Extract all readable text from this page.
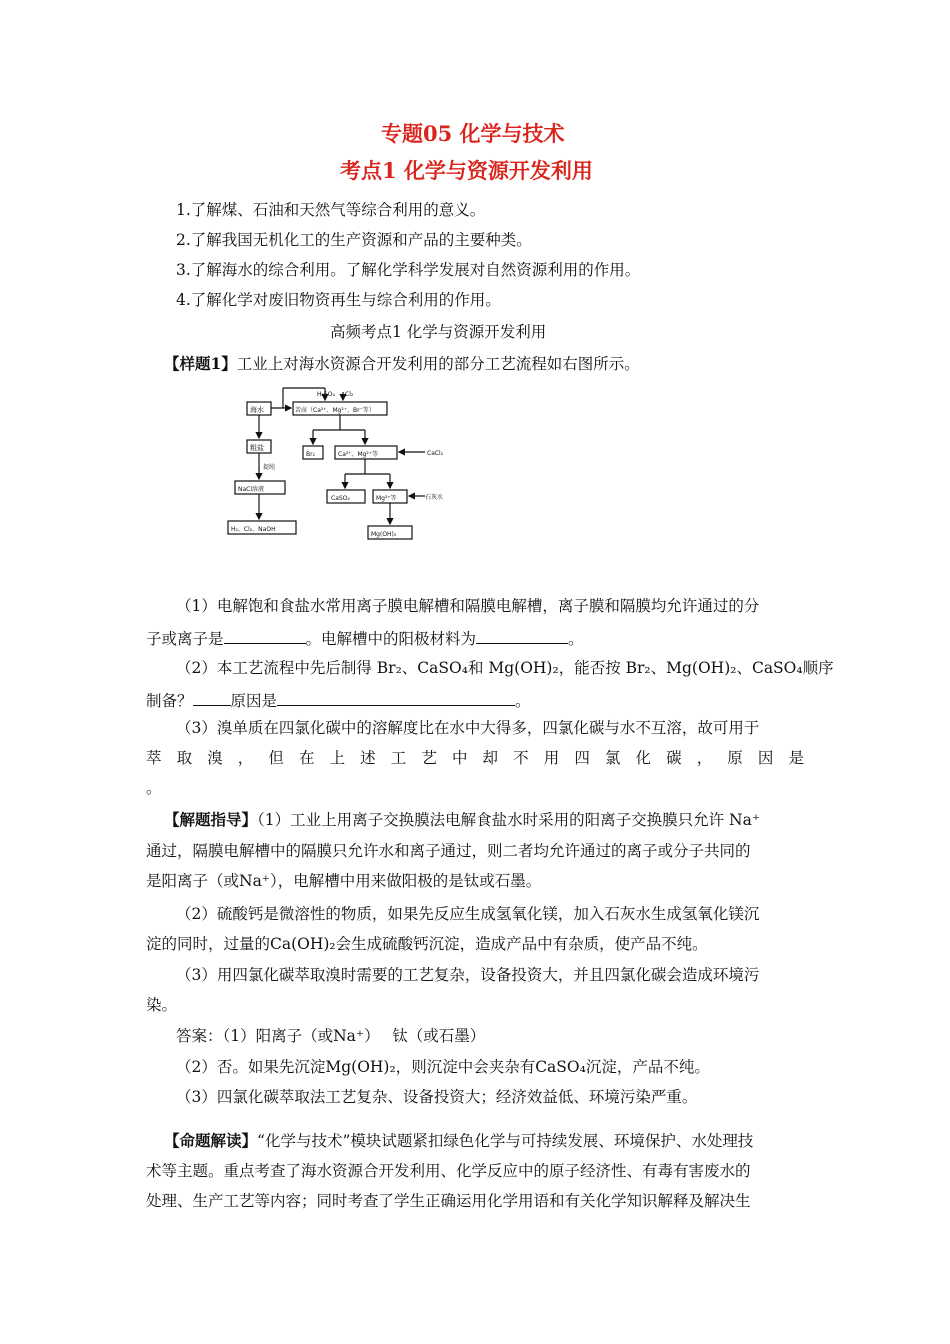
专题05 化学与技术
考点1 化学与资源开发利用
1.了解煤、石油和天然气等综合利用的意义。
2.了解我国无机化工的生产资源和产品的主要种类。
3.了解海水的综合利用。了解化学科学发展对自然资源利用的作用。
4.了解化学对废旧物资再生与综合利用的作用。
高频考点1 化学与资源开发利用
【样题1】工业上对海水资源合开发利用的部分工艺流程如右图所示。
海水	苦卤（Ca²⁺、Mg²⁺、Br⁻等）
H₂SO₄ Cl₂
粗盐
提纯
NaCl溶液
H₂、Cl₂、NaOH
Br₂	Ca²⁺、Mg²⁺等	CaCl₂
CaSO₄	Mg²⁺等	石灰水
Mg(OH)₂
（1）电解饱和食盐水常用离子膜电解槽和隔膜电解槽，离子膜和隔膜均允许通过的分
子或离子是	。电解槽中的阳极材料为	。
（2）本工艺流程中先后制得 Br₂、CaSO₄和 Mg(OH)₂，能否按 Br₂、Mg(OH)₂、CaSO₄顺序
制备？ 原因是	。
（3）溴单质在四氯化碳中的溶解度比在水中大得多，四氯化碳与水不互溶，故可用于
萃 取 溴 ， 但 在 上 述 工 艺 中 却 不 用 四 氯 化 碳 ， 原 因 是
。
【解题指导】（1）工业上用离子交换膜法电解食盐水时采用的阳离子交换膜只允许 Na⁺
通过，隔膜电解槽中的隔膜只允许水和离子通过，则二者均允许通过的离子或分子共同的
是阳离子（或Na⁺），电解槽中用来做阳极的是钛或石墨。
（2）硫酸钙是微溶性的物质，如果先反应生成氢氧化镁，加入石灰水生成氢氧化镁沉
淀的同时，过量的Ca(OH)₂会生成硫酸钙沉淀，造成产品中有杂质，使产品不纯。
（3）用四氯化碳萃取溴时需要的工艺复杂，设备投资大，并且四氯化碳会造成环境污
染。
答案：（1）阳离子（或Na⁺）　 钛（或石墨）
（2）否。如果先沉淀Mg(OH)₂，则沉淀中会夹杂有CaSO₄沉淀，产品不纯。
（3）四氯化碳萃取法工艺复杂、设备投资大；经济效益低、环境污染严重。
【命题解读】“化学与技术”模块试题紧扣绿色化学与可持续发展、环境保护、水处理技
术等主题。重点考查了海水资源合开发利用、化学反应中的原子经济性、有毒有害废水的
处理、生产工艺等内容；同时考查了学生正确运用化学用语和有关化学知识解释及解决生
